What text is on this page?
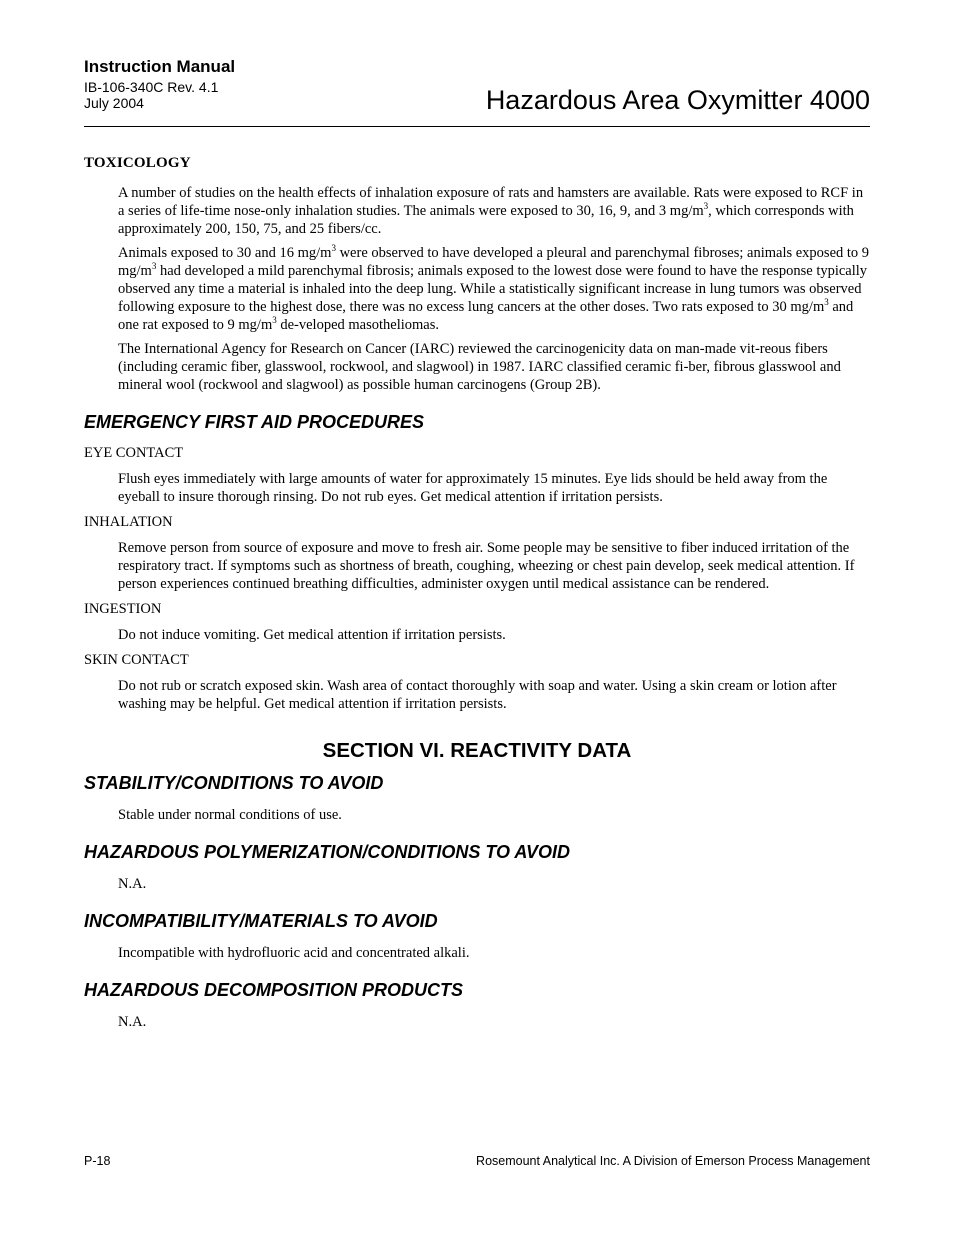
Instruction Manual
IB-106-340C Rev. 4.1
July 2004	Hazardous Area Oxymitter 4000
TOXICOLOGY

A number of studies on the health effects of inhalation exposure of rats and hamsters are available. Rats were exposed to RCF in a series of life-time nose-only inhalation studies. The animals were exposed to 30, 16, 9, and 3 $mg/m^3$, which corresponds with approximately 200, 150, 75, and 25 fibers/cc.

Animals exposed to 30 and 16 $mg/m^3$ were observed to have developed a pleural and parenchymal fibroses; animals exposed to 9 $mg/m^3$ had developed a mild parenchymal fibrosis; animals exposed to the lowest dose were found to have the response typically observed any time a material is inhaled into the deep lung. While a statistically significant increase in lung tumors was observed following exposure to the highest dose, there was no excess lung cancers at the other doses. Two rats exposed to 30 $mg/m^3$ and one rat exposed to 9 $mg/m^3$ de-veloped masotheliomas.

The International Agency for Research on Cancer (IARC) reviewed the carcinogenicity data on man-made vit-reous fibers (including ceramic fiber, glasswool, rockwool, and slagwool) in 1987. IARC classified ceramic fi-ber, fibrous glasswool and mineral wool (rockwool and slagwool) as possible human carcinogens (Group 2B).

EMERGENCY FIRST AID PROCEDURES
EYE CONTACT

Flush eyes immediately with large amounts of water for approximately 15 minutes. Eye lids should be held away from the eyeball to insure thorough rinsing. Do not rub eyes. Get medical attention if irritation persists.

INHALATION

Remove person from source of exposure and move to fresh air. Some people may be sensitive to fiber induced irritation of the respiratory tract. If symptoms such as shortness of breath, coughing, wheezing or chest pain develop, seek medical attention. If person experiences continued breathing difficulties, administer oxygen until medical assistance can be rendered.

INGESTION

Do not induce vomiting. Get medical attention if irritation persists.

SKIN CONTACT

Do not rub or scratch exposed skin. Wash area of contact thoroughly with soap and water. Using a skin cream or lotion after washing may be helpful. Get medical attention if irritation persists.

SECTION VI. REACTIVITY DATA
STABILITY/CONDITIONS TO AVOID

Stable under normal conditions of use.

HAZARDOUS POLYMERIZATION/CONDITIONS TO AVOID

N.A.

INCOMPATIBILITY/MATERIALS TO AVOID

Incompatible with hydrofluoric acid and concentrated alkali.

HAZARDOUS DECOMPOSITION PRODUCTS

N.A.

P-18	Rosemount Analytical Inc. A Division of Emerson Process Management
